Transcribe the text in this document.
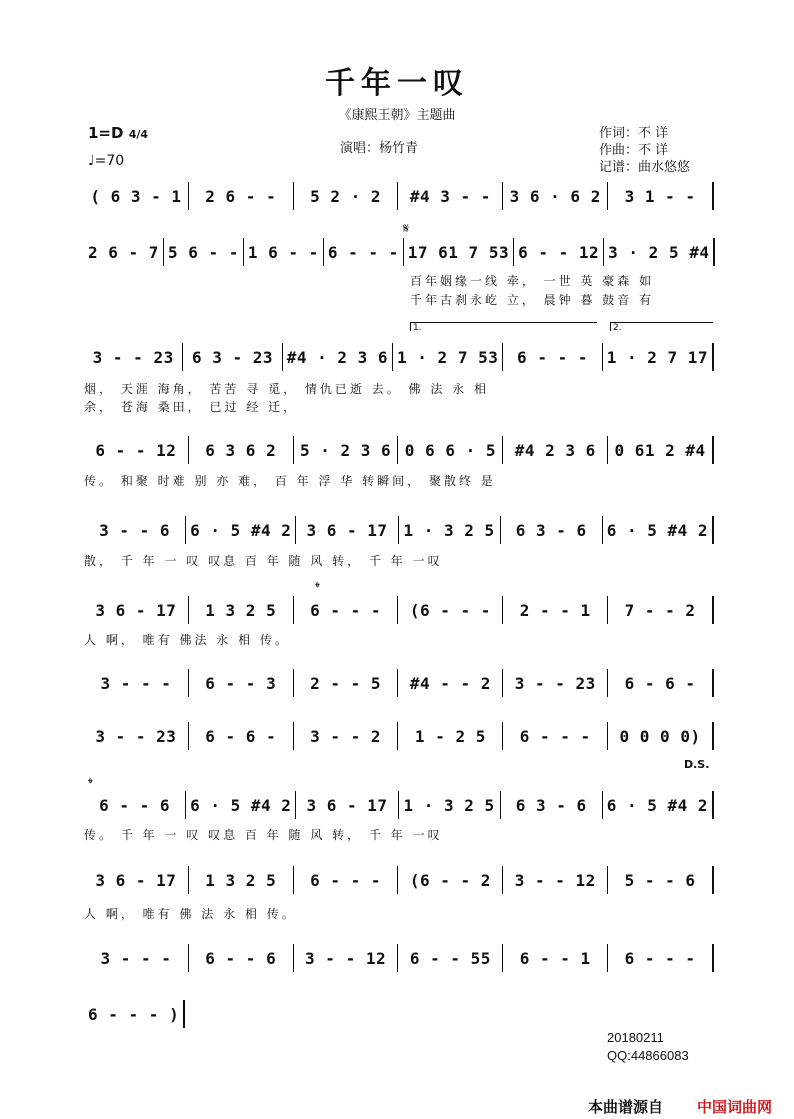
千年一叹
《康熙王朝》主题曲
1=D 4/4
♩=70
演唱：杨竹青
作词：不 详
作曲：不 详
记谱：曲水悠悠
( 6 3 - 1	2 6 - -	5 2 · 2	#4 3 - -	3 6 · 6 2	3 1 - -
2 6 - 7 5 6 - - 1 6 - - 6 - - - 17 61 7 53 6 - - 12 3 · 2 5 #4
3 - - 23	6 3 - 23 #4 · 2 3 6 1 · 2 7 53	6 - - -	1 · 2 7 17
6 - - 12	6 3 6 2	5 · 2 3 6 0 6 6 · 5	#4 2 3 6	0 61 2 #4
3 - - 6	6 · 5 #4 2 3 6 - 17 1 · 3 2 5	6 3 - 6	6 · 5 #4 2
3 6 - 17	1 3 2 5	6 - - -	(6 - - -	2 - - 1	7 - - 2
3 - - -	6 - - 3	2 - - 5	#4 - - 2	3 - - 23	6 - 6 -
3 - - 23	6 - 6 -	3 - - 2	1 - 2 5	6 - - -	0 0 0 0)
6 - - 6	6 · 5 #4 2 3 6 - 17 1 · 3 2 5	6 3 - 6	6 · 5 #4 2
3 6 - 17	1 3 2 5	6 - - -	(6 - - 2	3 - - 12	5 - - 6
3 - - -	6 - - 6	3 - - 12	6 - - 55	6 - - 1	6 - - -
6 - - - )
百年姻缘一线 牵， 一世 英 豪森 如
千年古刹永屹 立， 晨钟 暮 鼓音 有
烟， 天涯 海角， 苦苦 寻 觅， 情仇已逝 去。 佛 法 永 相
余， 苍海 桑田， 已过 经 迁，
传。 和聚 时难 别 亦 难， 百 年 浮 华 转瞬间， 聚散终 是
散， 千 年 一 叹 叹息 百 年 随 风 转， 千 年 一叹
人 啊， 唯有 佛法 永 相 传。
传。 千 年 一 叹 叹息 百 年 随 风 转， 千 年 一叹
人 啊， 唯有 佛 法 永 相 传。
𝄋
𝄌
𝄌
D.S.
1.	2.
20180211
QQ:44866083
本曲谱源自 中国词曲网
